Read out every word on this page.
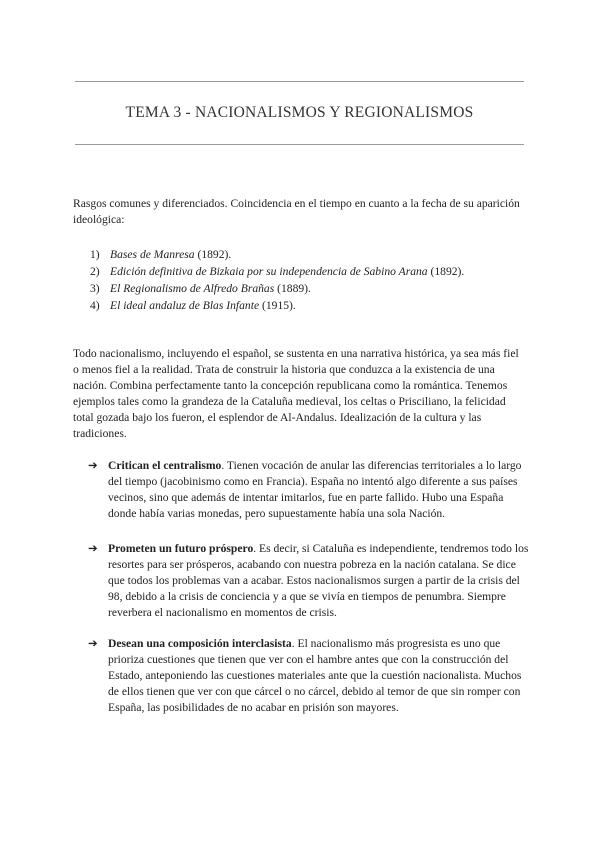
TEMA 3 - NACIONALISMOS Y REGIONALISMOS

Rasgos comunes y diferenciados. Coincidencia en el tiempo en cuanto a la fecha de su aparición ideológica:

1) Bases de Manresa (1892).
2) Edición definitiva de Bizkaia por su independencia de Sabino Arana (1892).
3) El Regionalismo de Alfredo Brañas (1889).
4) El ideal andaluz de Blas Infante (1915).

Todo nacionalismo, incluyendo el español, se sustenta en una narrativa histórica, ya sea más fiel o menos fiel a la realidad. Trata de construir la historia que conduzca a la existencia de una nación. Combina perfectamente tanto la concepción republicana como la romántica. Tenemos ejemplos tales como la grandeza de la Cataluña medieval, los celtas o Prisciliano, la felicidad total gozada bajo los fueron, el esplendor de Al-Andalus. Idealización de la cultura y las tradiciones.

➔ Critican el centralismo. Tienen vocación de anular las diferencias territoriales a lo largo del tiempo (jacobinismo como en Francia). España no intentó algo diferente a sus países vecinos, sino que además de intentar imitarlos, fue en parte fallido. Hubo una España donde había varias monedas, pero supuestamente había una sola Nación.
➔ Prometen un futuro próspero. Es decir, si Cataluña es independiente, tendremos todo los resortes para ser prósperos, acabando con nuestra pobreza en la nación catalana. Se dice que todos los problemas van a acabar. Estos nacionalismos surgen a partir de la crisis del 98, debido a la crisis de conciencia y a que se vivía en tiempos de penumbra. Siempre reverbera el nacionalismo en momentos de crisis.
➔ Desean una composición interclasista. El nacionalismo más progresista es uno que prioriza cuestiones que tienen que ver con el hambre antes que con la construcción del Estado, anteponiendo las cuestiones materiales ante que la cuestión nacionalista. Muchos de ellos tienen que ver con que cárcel o no cárcel, debido al temor de que sin romper con España, las posibilidades de no acabar en prisión son mayores.
